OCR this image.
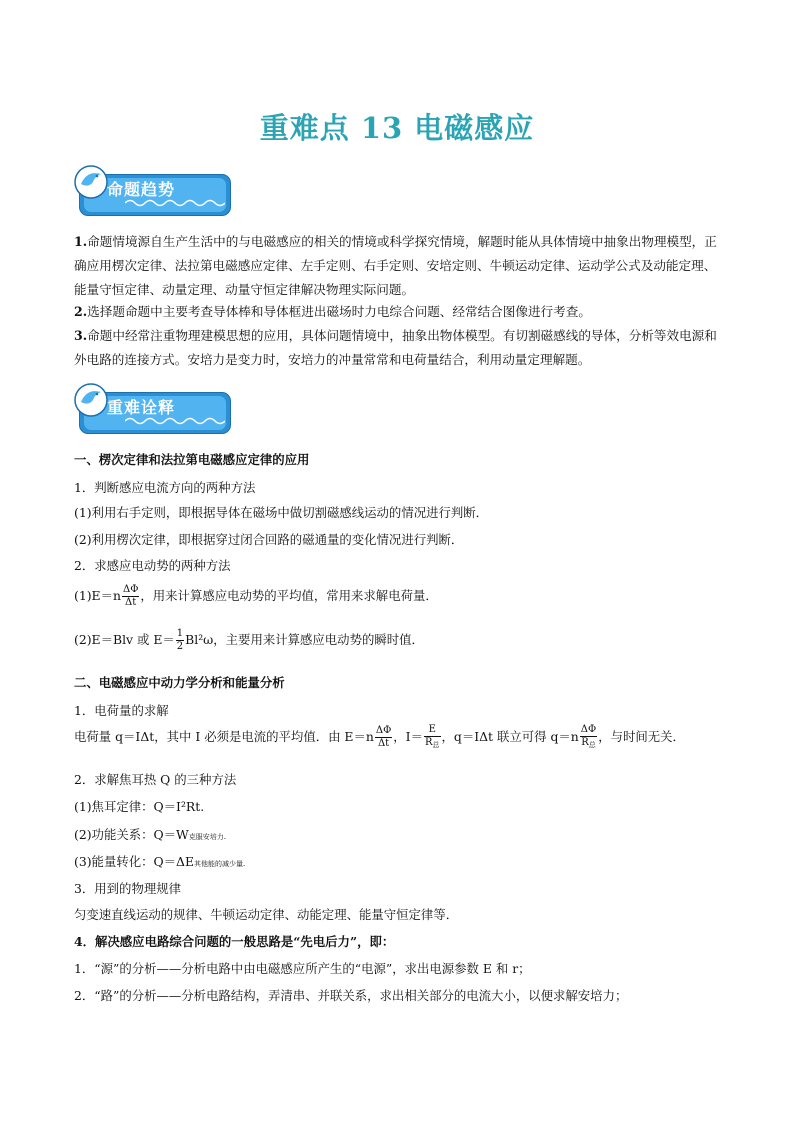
重难点 13 电磁感应
命题趋势
1.命题情境源自生产生活中的与电磁感应的相关的情境或科学探究情境，解题时能从具体情境中抽象出物理模型，正确应用楞次定律、法拉第电磁感应定律、左手定则、右手定则、安培定则、牛顿运动定律、运动学公式及动能定理、能量守恒定律、动量定理、动量守恒定律解决物理实际问题。
2.选择题命题中主要考查导体棒和导体框进出磁场时力电综合问题、经常结合图像进行考查。
3.命题中经常注重物理建模思想的应用，具体问题情境中，抽象出物体模型。有切割磁感线的导体，分析等效电源和外电路的连接方式。安培力是变力时，安培力的冲量常常和电荷量结合，利用动量定理解题。
重难诠释
一、楞次定律和法拉第电磁感应定律的应用
1．判断感应电流方向的两种方法
(1)利用右手定则，即根据导体在磁场中做切割磁感线运动的情况进行判断．
(2)利用楞次定律，即根据穿过闭合回路的磁通量的变化情况进行判断．
2．求感应电动势的两种方法
$(1)E=n \frac{\Delta\Phi}{\Delta t}$ ，用来计算感应电动势的平均值，常用来求解电荷量．
(2)E＝Blv 或 $E= \frac{1}{2} Bl^2\omega$，主要用来计算感应电动势的瞬时值．
二、电磁感应中动力学分析和能量分析
1．电荷量的求解
电荷量 q＝IΔt，其中 I 必须是电流的平均值．由 $E=n \frac{\Delta\Phi}{\Delta t}$ ，$I= \frac{E}{R_总}$ ，q＝IΔt 联立可得 $q=n \frac{\Delta\Phi}{R_总}$ ，与时间无关．
2．求解焦耳热 Q 的三种方法
(1)焦耳定律：Q＝I²Rt.
(2)功能关系：Q＝W克服安培力.
(3)能量转化：Q＝ΔE其他能的减少量.
3．用到的物理规律
匀变速直线运动的规律、牛顿运动定律、动能定理、能量守恒定律等．
4．解决感应电路综合问题的一般思路是“先电后力”，即：
1．“源”的分析——分析电路中由电磁感应所产生的“电源”，求出电源参数 E 和 r；
2．“路”的分析——分析电路结构，弄清串、并联关系，求出相关部分的电流大小，以便求解安培力；
